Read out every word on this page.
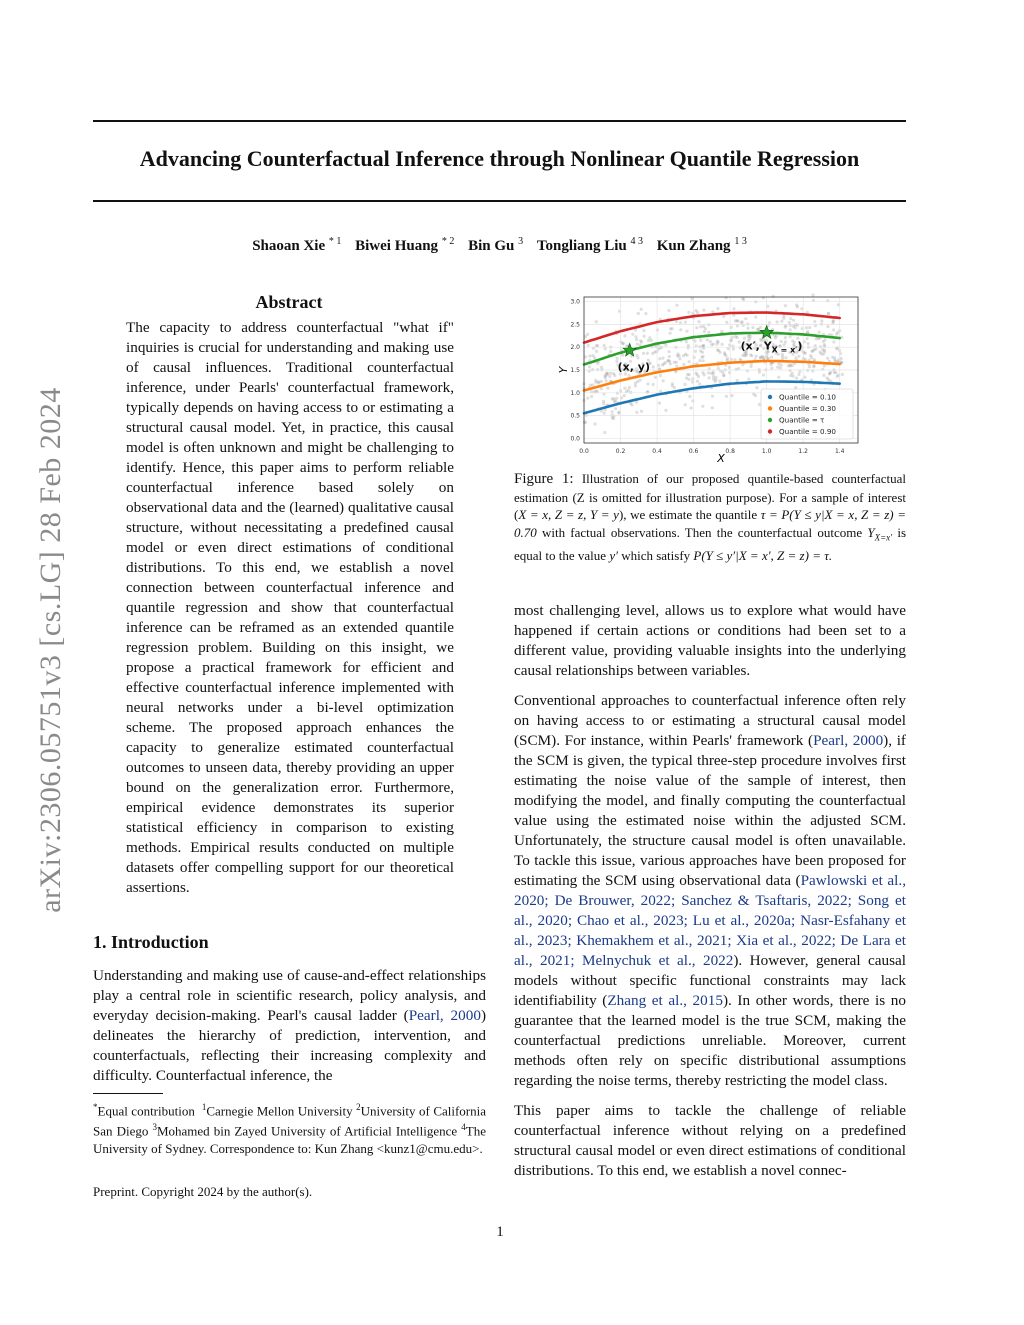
Advancing Counterfactual Inference through Nonlinear Quantile Regression
Shaoan Xie $^{* 1}$ Biwei Huang $^{* 2}$ Bin Gu $^3$ Tongliang Liu $^{4 3}$ Kun Zhang $^{1 3}$
arXiv:2306.05751v3 [cs.LG] 28 Feb 2024
Abstract
The capacity to address counterfactual "what if" inquiries is crucial for understanding and making use of causal influences. Traditional counterfactual inference, under Pearls' counterfactual framework, typically depends on having access to or estimating a structural causal model. Yet, in practice, this causal model is often unknown and might be challenging to identify. Hence, this paper aims to perform reliable counterfactual inference based solely on observational data and the (learned) qualitative causal structure, without necessitating a predefined causal model or even direct estimations of conditional distributions. To this end, we establish a novel connection between counterfactual inference and quantile regression and show that counterfactual inference can be reframed as an extended quantile regression problem. Building on this insight, we propose a practical framework for efficient and effective counterfactual inference implemented with neural networks under a bi-level optimization scheme. The proposed approach enhances the capacity to generalize estimated counterfactual outcomes to unseen data, thereby providing an upper bound on the generalization error. Furthermore, empirical evidence demonstrates its superior statistical efficiency in comparison to existing methods. Empirical results conducted on multiple datasets offer compelling support for our theoretical assertions.
1. Introduction
Understanding and making use of cause-and-effect relationships play a central role in scientific research, policy analysis, and everyday decision-making. Pearl's causal ladder (Pearl, 2000) delineates the hierarchy of prediction, intervention, and counterfactuals, reflecting their increasing complexity and difficulty. Counterfactual inference, the
*Equal contribution $^1$Carnegie Mellon University $^2$University of California San Diego $^3$Mohamed bin Zayed University of Artificial Intelligence $^4$The University of Sydney. Correspondence to: Kun Zhang <kunz1@cmu.edu>.
Preprint. Copyright 2024 by the author(s).
1
0.0	0.2	0.4	0.6	0.8	1.0	1.2	1.4
0.0
0.5
1.0
1.5
2.0
2.5
3.0
X
Y	(x, y)
(x′, $Y_{X = x'}$)
Quantile = 0.10
Quantile = 0.30
Quantile = τ
Quantile = 0.90
Figure 1: Illustration of our proposed quantile-based counterfactual estimation (Z is omitted for illustration purpose). For a sample of interest (X = x, Z = z, Y = y), we estimate the quantile τ = P(Y ≤ y|X = x, Z = z) = 0.70 with factual observations. Then the counterfactual outcome $Y_{X=x'}$ is equal to the value y′ which satisfy P(Y ≤ y′|X = x′, Z = z) = τ.

most challenging level, allows us to explore what would have happened if certain actions or conditions had been set to a different value, providing valuable insights into the underlying causal relationships between variables.

Conventional approaches to counterfactual inference often rely on having access to or estimating a structural causal model (SCM). For instance, within Pearls' framework (Pearl, 2000), if the SCM is given, the typical three-step procedure involves first estimating the noise value of the sample of interest, then modifying the model, and finally computing the counterfactual value using the estimated noise within the adjusted SCM. Unfortunately, the structure causal model is often unavailable. To tackle this issue, various approaches have been proposed for estimating the SCM using observational data (Pawlowski et al., 2020; De Brouwer, 2022; Sanchez & Tsaftaris, 2022; Song et al., 2020; Chao et al., 2023; Lu et al., 2020a; Nasr-Esfahany et al., 2023; Khemakhem et al., 2021; Xia et al., 2022; De Lara et al., 2021; Melnychuk et al., 2022). However, general causal models without specific functional constraints may lack identifiability (Zhang et al., 2015). In other words, there is no guarantee that the learned model is the true SCM, making the counterfactual predictions unreliable. Moreover, current methods often rely on specific distributional assumptions regarding the noise terms, thereby restricting the model class.

This paper aims to tackle the challenge of reliable counterfactual inference without relying on a predefined structural causal model or even direct estimations of conditional distributions. To this end, we establish a novel connec-
